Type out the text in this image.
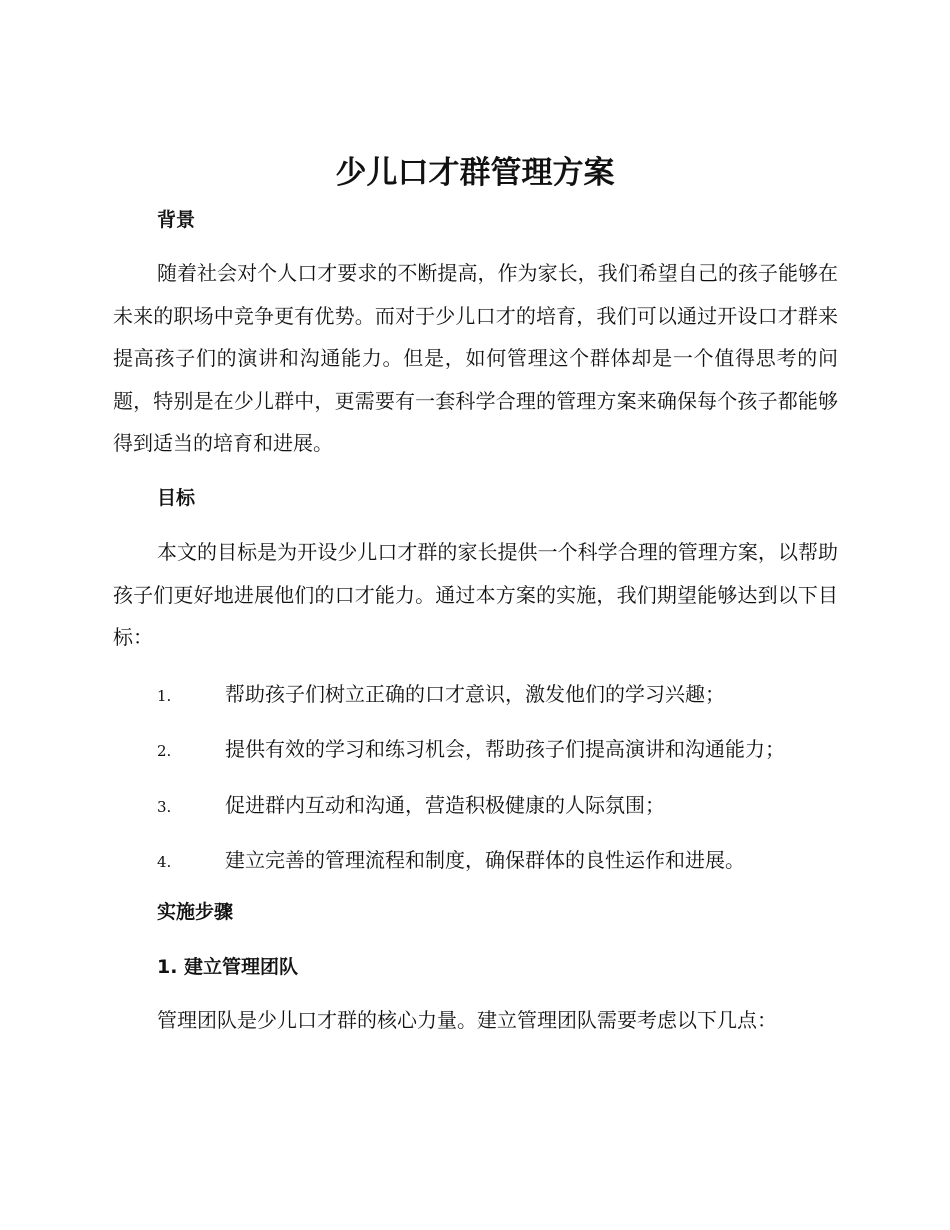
少儿口才群管理方案
背景

随着社会对个人口才要求的不断提高，作为家长，我们希望自己的孩子能够在未来的职场中竞争更有优势。而对于少儿口才的培育，我们可以通过开设口才群来提高孩子们的演讲和沟通能力。但是，如何管理这个群体却是一个值得思考的问题，特别是在少儿群中，更需要有一套科学合理的管理方案来确保每个孩子都能够得到适当的培育和进展。

目标

本文的目标是为开设少儿口才群的家长提供一个科学合理的管理方案，以帮助孩子们更好地进展他们的口才能力。通过本方案的实施，我们期望能够达到以下目标：

1.	帮助孩子们树立正确的口才意识，激发他们的学习兴趣；
2.	提供有效的学习和练习机会，帮助孩子们提高演讲和沟通能力；
3.	促进群内互动和沟通，营造积极健康的人际氛围；
4.	建立完善的管理流程和制度，确保群体的良性运作和进展。
实施步骤
1. 建立管理团队

管理团队是少儿口才群的核心力量。建立管理团队需要考虑以下几点：
